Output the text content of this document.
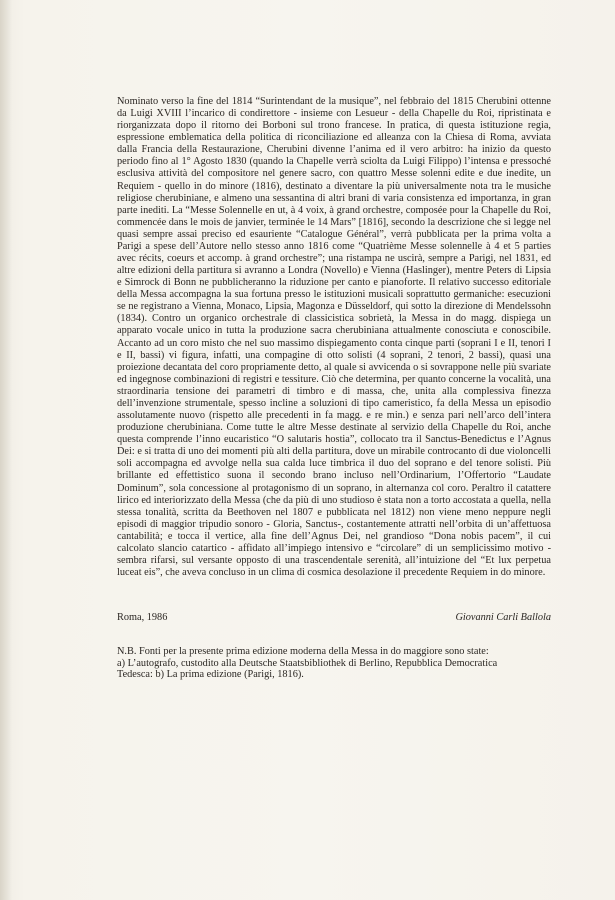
Nominato verso la fine del 1814 “Surintendant de la musique”, nel febbraio del 1815 Cherubini ottenne da Luigi XVIII l’incarico di condirettore - insieme con Lesueur - della Chapelle du Roi, ripristinata e riorganizzata dopo il ritorno dei Borboni sul trono francese. In pratica, di questa istituzione regia, espressione emblematica della politica di riconciliazione ed alleanza con la Chiesa di Roma, avviata dalla Francia della Restaurazione, Cherubini divenne l’anima ed il vero arbitro: ha inizio da questo periodo fino al 1° Agosto 1830 (quando la Chapelle verrà sciolta da Luigi Filippo) l’intensa e pressoché esclusiva attività del compositore nel genere sacro, con quattro Messe solenni edite e due inedite, un Requiem - quello in do minore (1816), destinato a diventare la più universalmente nota tra le musiche religiose cherubiniane, e almeno una sessantina di altri brani di varia consistenza ed importanza, in gran parte inediti. La “Messe Solennelle en ut, à 4 voix, à grand orchestre, composée pour la Chapelle du Roi, commencée dans le mois de janvier, terminée le 14 Mars” [1816], secondo la descrizione che si legge nel quasi sempre assai preciso ed esauriente “Catalogue Général”, verrà pubblicata per la prima volta a Parigi a spese dell’Autore nello stesso anno 1816 come “Quatrième Messe solennelle à 4 et 5 parties avec récits, coeurs et accomp. à grand orchestre”; una ristampa ne uscirà, sempre a Parigi, nel 1831, ed altre edizioni della partitura si avranno a Londra (Novello) e Vienna (Haslinger), mentre Peters di Lipsia e Simrock di Bonn ne pubblicheranno la riduzione per canto e pianoforte. Il relativo successo editoriale della Messa accompagna la sua fortuna presso le istituzioni musicali soprattutto germaniche: esecuzioni se ne registrano a Vienna, Monaco, Lipsia, Magonza e Düsseldorf, qui sotto la direzione di Mendelssohn (1834). Contro un organico orchestrale di classicistica sobrietà, la Messa in do magg. dispiega un apparato vocale unico in tutta la produzione sacra cherubiniana attualmente conosciuta e conoscibile. Accanto ad un coro misto che nel suo massimo dispiegamento conta cinque parti (soprani I e II, tenori I e II, bassi) vi figura, infatti, una compagine di otto solisti (4 soprani, 2 tenori, 2 bassi), quasi una proiezione decantata del coro propriamente detto, al quale si avvicenda o si sovrappone nelle più svariate ed ingegnose combinazioni di registri e tessiture. Ciò che determina, per quanto concerne la vocalità, una straordinaria tensione dei parametri di timbro e di massa, che, unita alla complessiva finezza dell’invenzione strumentale, spesso incline a soluzioni di tipo cameristico, fa della Messa un episodio assolutamente nuovo (rispetto alle precedenti in fa magg. e re min.) e senza pari nell’arco dell’intera produzione cherubiniana. Come tutte le altre Messe destinate al servizio della Chapelle du Roi, anche questa comprende l’inno eucaristico “O salutaris hostia”, collocato tra il Sanctus-Benedictus e l’Agnus Dei: e si tratta di uno dei momenti più alti della partitura, dove un mirabile controcanto di due violoncelli soli accompagna ed avvolge nella sua calda luce timbrica il duo del soprano e del tenore solisti. Più brillante ed effettistico suona il secondo brano incluso nell’Ordinarium, l’Offertorio “Laudate Dominum”, sola concessione al protagonismo di un soprano, in alternanza col coro. Peraltro il catattere lirico ed interiorizzato della Messa (che da più di uno studioso è stata non a torto accostata a quella, nella stessa tonalità, scritta da Beethoven nel 1807 e pubblicata nel 1812) non viene meno neppure negli episodi di maggior tripudio sonoro - Gloria, Sanctus-, costantemente attratti nell’orbita di un’affettuosa cantabilità; e tocca il vertice, alla fine dell’Agnus Dei, nel grandioso “Dona nobis pacem”, il cui calcolato slancio catartico - affidato all’impiego intensivo e “circolare” di un semplicissimo motivo - sembra rifarsi, sul versante opposto di una trascendentale serenità, all’intuizione del “Et lux perpetua luceat eis”, che aveva concluso in un clima di cosmica desolazione il precedente Requiem in do minore.

Roma, 1986	Giovanni Carli Ballola
N.B. Fonti per la presente prima edizione moderna della Messa in do maggiore sono state:
a) L’autografo, custodito alla Deutsche Staatsbibliothek di Berlino, Repubblica Democratica
Tedesca: b) La prima edizione (Parigi, 1816).
